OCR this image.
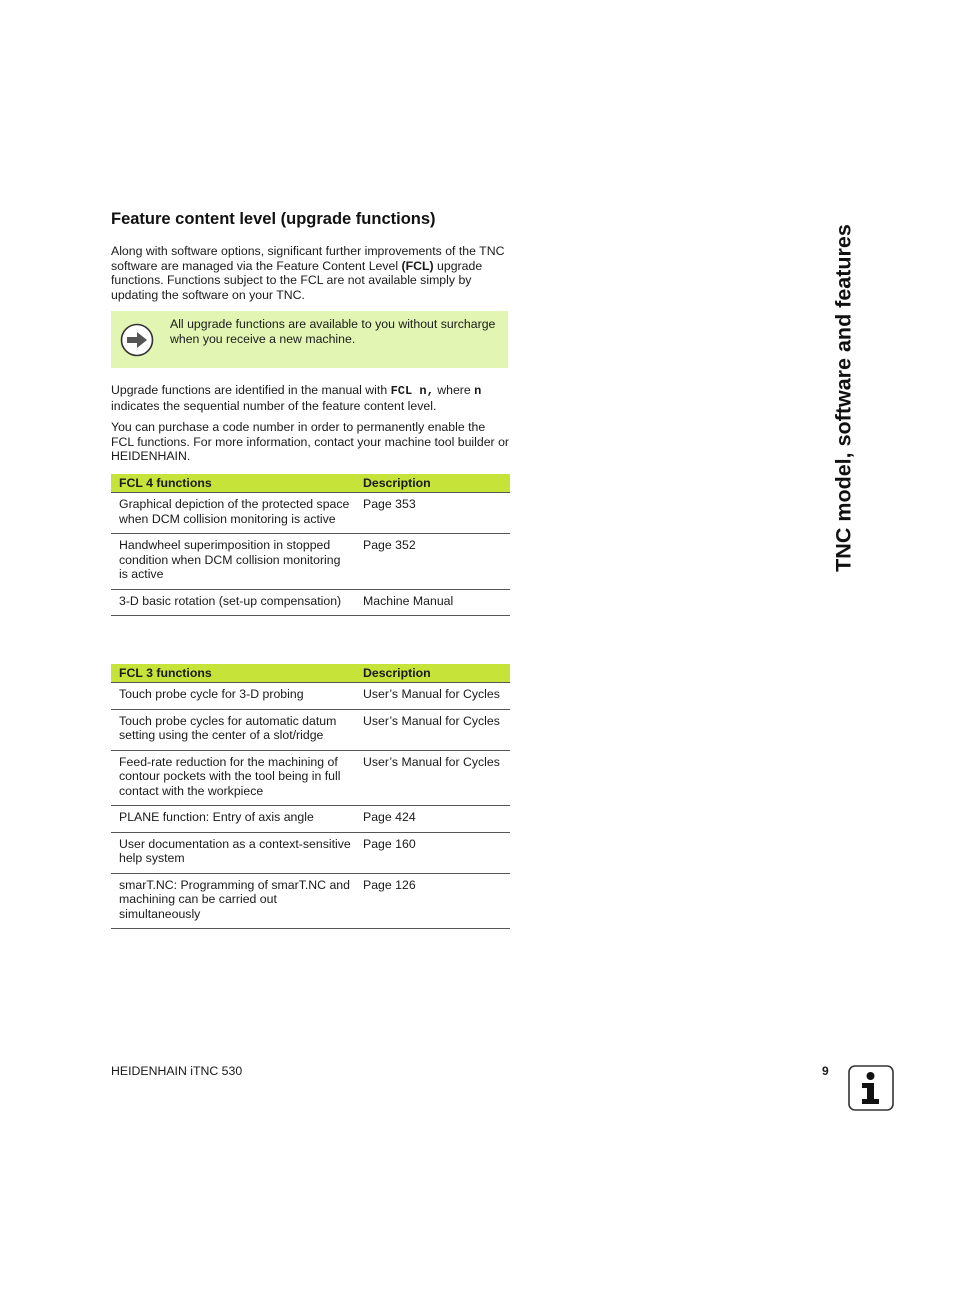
Feature content level (upgrade functions)

Along with software options, significant further improvements of the TNC software are managed via the Feature Content Level (FCL) upgrade functions. Functions subject to the FCL are not available simply by updating the software on your TNC.

All upgrade functions are available to you without surcharge when you receive a new machine.

Upgrade functions are identified in the manual with FCL n, where n indicates the sequential number of the feature content level.

You can purchase a code number in order to permanently enable the FCL functions. For more information, contact your machine tool builder or HEIDENHAIN.

FCL 4 functions	Description
Graphical depiction of the protected space when DCM collision monitoring is active	Page 353
Handwheel superimposition in stopped condition when DCM collision monitoring is active	Page 352
3-D basic rotation (set-up compensation)	Machine Manual
FCL 3 functions	Description
Touch probe cycle for 3-D probing	User’s Manual for Cycles
Touch probe cycles for automatic datum setting using the center of a slot/ridge	User’s Manual for Cycles
Feed-rate reduction for the machining of contour pockets with the tool being in full contact with the workpiece	User’s Manual for Cycles
PLANE function: Entry of axis angle	Page 424
User documentation as a context-sensitive help system	Page 160
smarT.NC: Programming of smarT.NC and machining can be carried out simultaneously	Page 126
TNC model, software and features

HEIDENHAIN iTNC 530	9
